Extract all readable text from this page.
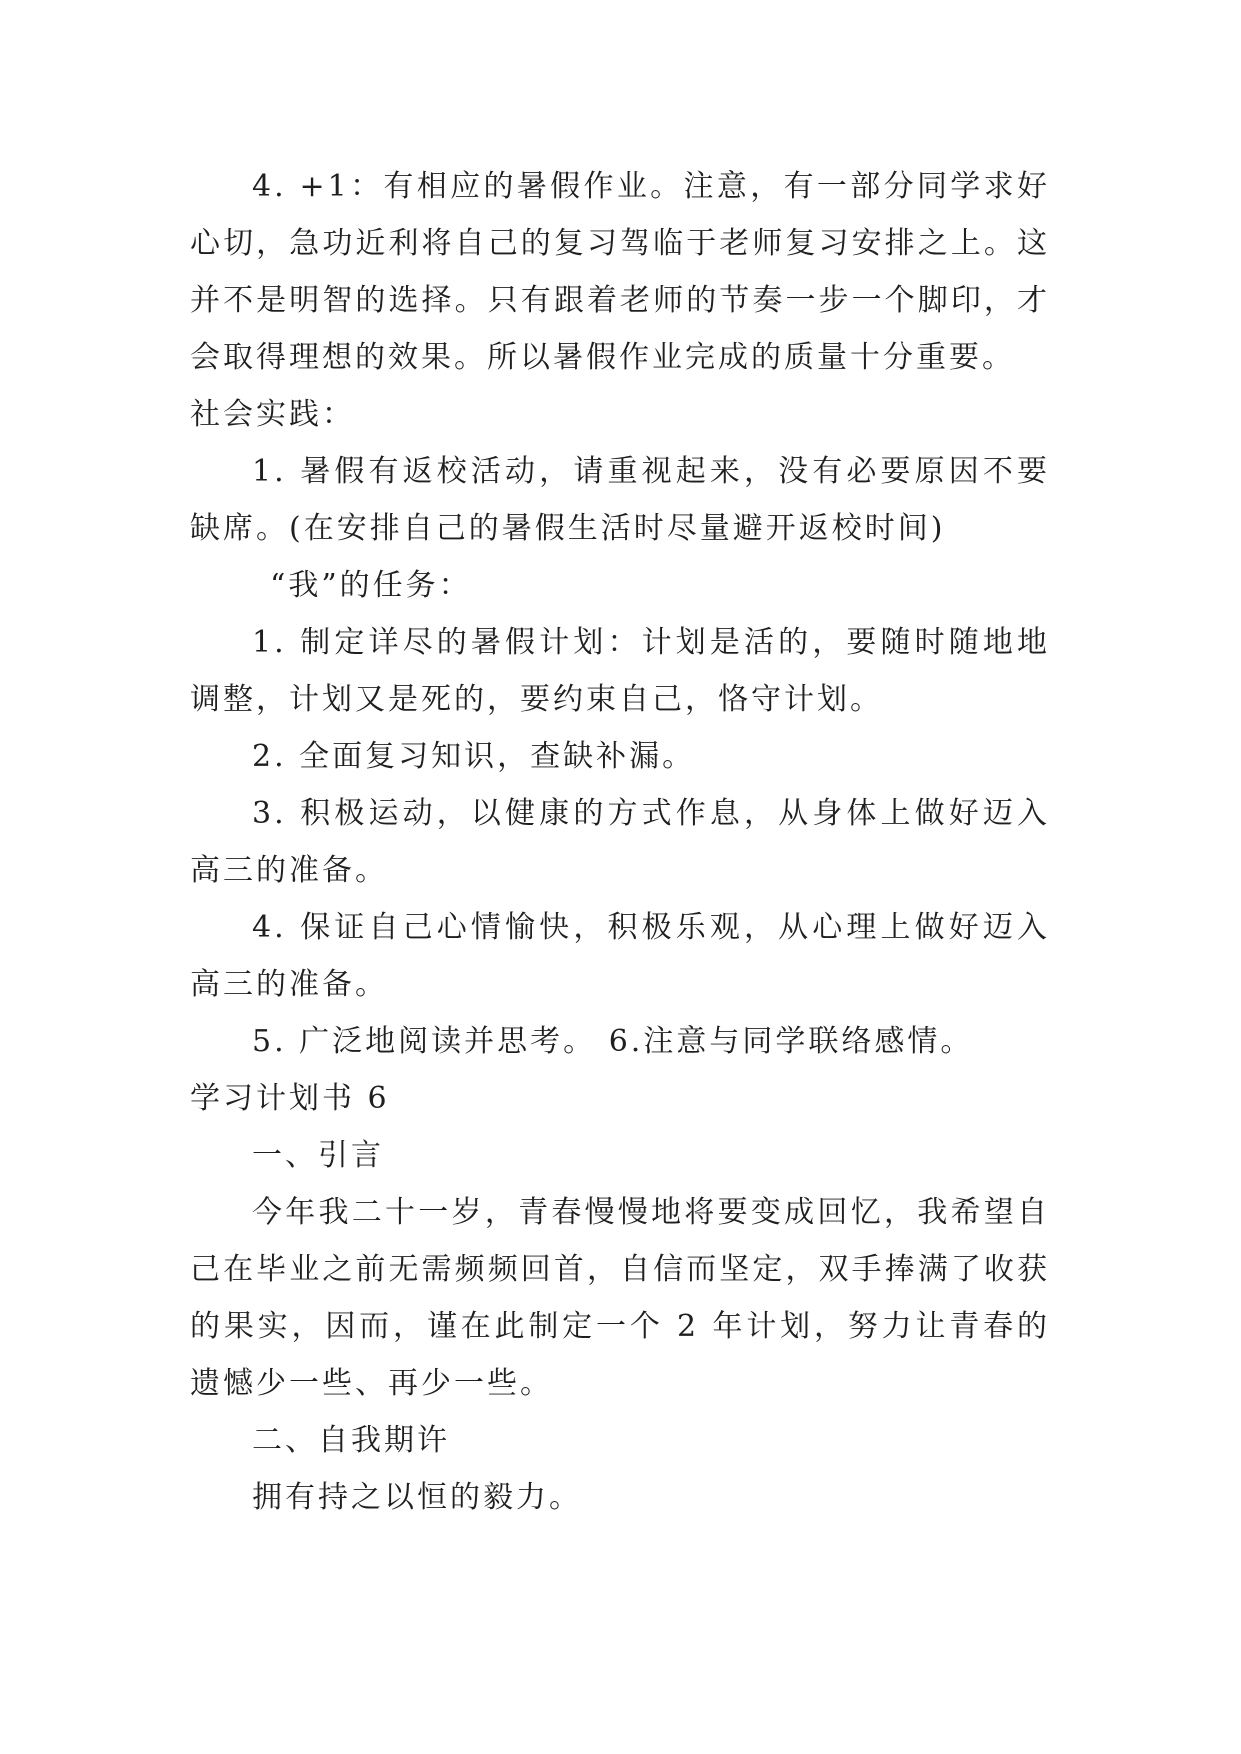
4. +1：有相应的暑假作业。注意，有一部分同学求好心切，急功近利将自己的复习驾临于老师复习安排之上。这并不是明智的选择。只有跟着老师的节奏一步一个脚印，才会取得理想的效果。所以暑假作业完成的质量十分重要。

社会实践：

1. 暑假有返校活动，请重视起来，没有必要原因不要缺席。(在安排自己的暑假生活时尽量避开返校时间)

“我”的任务：

1. 制定详尽的暑假计划：计划是活的，要随时随地地调整，计划又是死的，要约束自己，恪守计划。

2. 全面复习知识，查缺补漏。

3. 积极运动，以健康的方式作息，从身体上做好迈入高三的准备。

4. 保证自己心情愉快，积极乐观，从心理上做好迈入高三的准备。

5. 广泛地阅读并思考。 6.注意与同学联络感情。

学习计划书 6

一、引言

今年我二十一岁，青春慢慢地将要变成回忆，我希望自己在毕业之前无需频频回首，自信而坚定，双手捧满了收获的果实，因而，谨在此制定一个 2 年计划，努力让青春的遗憾少一些、再少一些。

二、自我期许

拥有持之以恒的毅力。
